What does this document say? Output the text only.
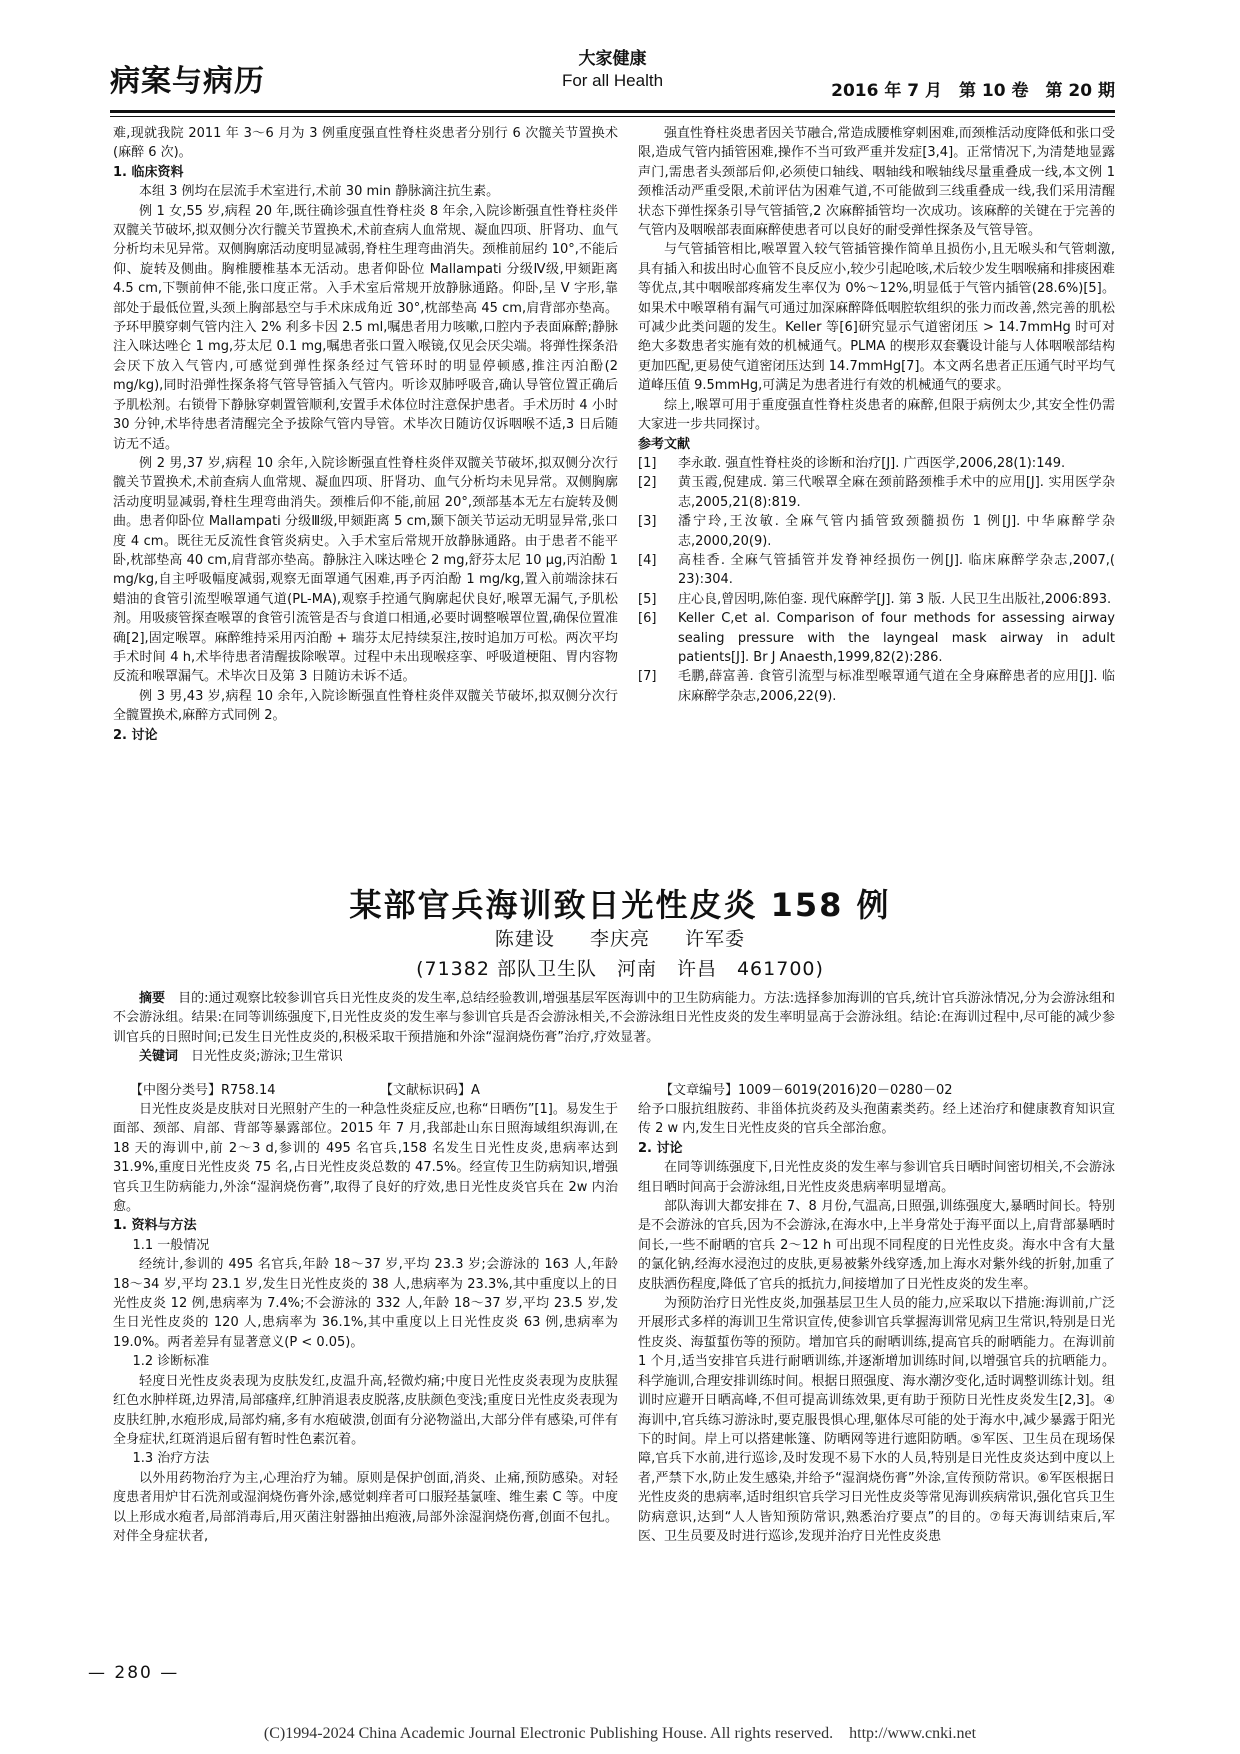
病案与病历
大家健康
For all Health
2016 年 7 月　第 10 卷　第 20 期

难,现就我院 2011 年 3～6 月为 3 例重度强直性脊柱炎患者分别行 6 次髋关节置换术(麻醉 6 次)。

1. 临床资料

本组 3 例均在层流手术室进行,术前 30 min 静脉滴注抗生素。

例 1 女,55 岁,病程 20 年,既往确诊强直性脊柱炎 8 年余,入院诊断强直性脊柱炎伴双髋关节破坏,拟双侧分次行髋关节置换术,术前查病人血常规、凝血四项、肝肾功、血气分析均未见异常。双侧胸廓活动度明显减弱,脊柱生理弯曲消失。颈椎前屈约 10°,不能后仰、旋转及侧曲。胸椎腰椎基本无活动。患者仰卧位 Mallampati 分级Ⅳ级,甲颏距离 4.5 cm,下颚前伸不能,张口度正常。入手术室后常规开放静脉通路。仰卧,呈 V 字形,靠部处于最低位置,头颈上胸部悬空与手术床成角近 30°,枕部垫高 45 cm,肩背部亦垫高。予环甲膜穿刺气管内注入 2% 利多卡因 2.5 ml,嘱患者用力咳嗽,口腔内予表面麻醉;静脉注入咪达唑仑 1 mg,芬太尼 0.1 mg,嘱患者张口置入喉镜,仅见会厌尖端。将弹性探条沿会厌下放入气管内,可感觉到弹性探条经过气管环时的明显停顿感,推注丙泊酚(2 mg/kg),同时沿弹性探条将气管导管插入气管内。听诊双肺呼吸音,确认导管位置正确后予肌松剂。右锁骨下静脉穿刺置管顺利,安置手术体位时注意保护患者。手术历时 4 小时 30 分钟,术毕待患者清醒完全予拔除气管内导管。术毕次日随访仅诉咽喉不适,3 日后随访无不适。

例 2 男,37 岁,病程 10 余年,入院诊断强直性脊柱炎伴双髋关节破坏,拟双侧分次行髋关节置换术,术前查病人血常规、凝血四项、肝肾功、血气分析均未见异常。双侧胸廓活动度明显减弱,脊柱生理弯曲消失。颈椎后仰不能,前屈 20°,颈部基本无左右旋转及侧曲。患者仰卧位 Mallampati 分级Ⅲ级,甲颏距离 5 cm,颞下颌关节运动无明显异常,张口度 4 cm。既往无反流性食管炎病史。入手术室后常规开放静脉通路。由于患者不能平卧,枕部垫高 40 cm,肩背部亦垫高。静脉注入咪达唑仑 2 mg,舒芬太尼 10 μg,丙泊酚 1 mg/kg,自主呼吸幅度减弱,观察无面罩通气困难,再予丙泊酚 1 mg/kg,置入前端涂抹石蜡油的食管引流型喉罩通气道(PL-MA),观察手控通气胸廓起伏良好,喉罩无漏气,予肌松剂。用吸痰管探查喉罩的食管引流管是否与食道口相通,必要时调整喉罩位置,确保位置准确[2],固定喉罩。麻醉维持采用丙泊酚 + 瑞芬太尼持续泵注,按时追加万可松。两次平均手术时间 4 h,术毕待患者清醒拔除喉罩。过程中未出现喉痉挛、呼吸道梗阻、胃内容物反流和喉罩漏气。术毕次日及第 3 日随访未诉不适。

例 3 男,43 岁,病程 10 余年,入院诊断强直性脊柱炎伴双髋关节破坏,拟双侧分次行全髋置换术,麻醉方式同例 2。

2. 讨论

强直性脊柱炎患者因关节融合,常造成腰椎穿刺困难,而颈椎活动度降低和张口受限,造成气管内插管困难,操作不当可致严重并发症[3,4]。正常情况下,为清楚地显露声门,需患者头颈部后仰,必须使口轴线、咽轴线和喉轴线尽量重叠成一线,本文例 1 颈椎活动严重受限,术前评估为困难气道,不可能做到三线重叠成一线,我们采用清醒状态下弹性探条引导气管插管,2 次麻醉插管均一次成功。该麻醉的关键在于完善的气管内及咽喉部表面麻醉使患者可以良好的耐受弹性探条及气管导管。

与气管插管相比,喉罩置入较气管插管操作简单且损伤小,且无喉头和气管刺激,具有插入和拔出时心血管不良反应小,较少引起呛咳,术后较少发生咽喉痛和排痰困难等优点,其中咽喉部疼痛发生率仅为 0%～12%,明显低于气管内插管(28.6%)[5]。如果术中喉罩稍有漏气可通过加深麻醉降低咽腔软组织的张力而改善,然完善的肌松可减少此类问题的发生。Keller 等[6]研究显示气道密闭压 > 14.7mmHg 时可对绝大多数患者实施有效的机械通气。PLMA 的楔形双套囊设计能与人体咽喉部结构更加匹配,更易使气道密闭压达到 14.7mmHg[7]。本文两名患者正压通气时平均气道峰压值 9.5mmHg,可满足为患者进行有效的机械通气的要求。

综上,喉罩可用于重度强直性脊柱炎患者的麻醉,但限于病例太少,其安全性仍需大家进一步共同探讨。

参考文献
[1] 李永敢. 强直性脊柱炎的诊断和治疗[J]. 广西医学,2006,28(1):149.
[2] 黄玉霞,倪建成. 第三代喉罩全麻在颈前路颈椎手术中的应用[J]. 实用医学杂志,2005,21(8):819.
[3] 潘宁玲,王汝敏. 全麻气管内插管致颈髓损伤 1 例[J]. 中华麻醉学杂志,2000,20(9).
[4] 高桂香. 全麻气管插管并发脊神经损伤一例[J]. 临床麻醉学杂志,2007,( 23):304.
[5] 庄心良,曾因明,陈伯銮. 现代麻醉学[J]. 第 3 版. 人民卫生出版社,2006:893.
[6] Keller C,et al. Comparison of four methods for assessing airway sealing pressure with the layngeal mask airway in adult patients[J]. Br J Anaesth,1999,82(2):286.
[7] 毛鹏,薛富善. 食管引流型与标准型喉罩通气道在全身麻醉患者的应用[J]. 临床麻醉学杂志,2006,22(9).
某部官兵海训致日光性皮炎 158 例
陈建设 李庆亮 许军委
(71382 部队卫生队　河南　许昌　461700)

摘要　 目的:通过观察比较参训官兵日光性皮炎的发生率,总结经验教训,增强基层军医海训中的卫生防病能力。方法:选择参加海训的官兵,统计官兵游泳情况,分为会游泳组和不会游泳组。结果:在同等训练强度下,日光性皮炎的发生率与参训官兵是否会游泳相关,不会游泳组日光性皮炎的发生率明显高于会游泳组。结论:在海训过程中,尽可能的减少参训官兵的日照时间;已发生日光性皮炎的,积极采取干预措施和外涂“湿润烧伤膏”治疗,疗效显著。

关键词　 日光性皮炎;游泳;卫生常识

【中图分类号】R758.14	【文献标识码】A	【文章编号】1009－6019(2016)20－0280－02

日光性皮炎是皮肤对日光照射产生的一种急性炎症反应,也称“日晒伤”[1]。易发生于面部、颈部、肩部、背部等暴露部位。2015 年 7 月,我部赴山东日照海域组织海训,在 18 天的海训中,前 2～3 d,参训的 495 名官兵,158 名发生日光性皮炎,患病率达到 31.9%,重度日光性皮炎 75 名,占日光性皮炎总数的 47.5%。经宣传卫生防病知识,增强官兵卫生防病能力,外涂“湿润烧伤膏”,取得了良好的疗效,患日光性皮炎官兵在 2w 内治愈。

1. 资料与方法

1.1 一般情况

经统计,参训的 495 名官兵,年龄 18～37 岁,平均 23.3 岁;会游泳的 163 人,年龄 18～34 岁,平均 23.1 岁,发生日光性皮炎的 38 人,患病率为 23.3%,其中重度以上的日光性皮炎 12 例,患病率为 7.4%;不会游泳的 332 人,年龄 18～37 岁,平均 23.5 岁,发生日光性皮炎的 120 人,患病率为 36.1%,其中重度以上日光性皮炎 63 例,患病率为 19.0%。两者差异有显著意义(P < 0.05)。

1.2 诊断标准

轻度日光性皮炎表现为皮肤发红,皮温升高,轻微灼痛;中度日光性皮炎表现为皮肤猩红色水肿样斑,边界清,局部瘙痒,红肿消退表皮脱落,皮肤颜色变浅;重度日光性皮炎表现为皮肤红肿,水疱形成,局部灼痛,多有水疱破溃,创面有分泌物溢出,大部分伴有感染,可伴有全身症状,红斑消退后留有暂时性色素沉着。

1.3 治疗方法

以外用药物治疗为主,心理治疗为辅。原则是保护创面,消炎、止痛,预防感染。对轻度患者用炉甘石洗剂或湿润烧伤膏外涂,感觉刺痒者可口服羟基氯喹、维生素 C 等。中度以上形成水疱者,局部消毒后,用灭菌注射器抽出疱液,局部外涂湿润烧伤膏,创面不包扎。对伴全身症状者,

给予口服抗组胺药、非甾体抗炎药及头孢菌素类药。经上述治疗和健康教育知识宣传 2 w 内,发生日光性皮炎的官兵全部治愈。

2. 讨论

在同等训练强度下,日光性皮炎的发生率与参训官兵日晒时间密切相关,不会游泳组日晒时间高于会游泳组,日光性皮炎患病率明显增高。

部队海训大都安排在 7、8 月份,气温高,日照强,训练强度大,暴晒时间长。特别是不会游泳的官兵,因为不会游泳,在海水中,上半身常处于海平面以上,肩背部暴晒时间长,一些不耐晒的官兵 2～12 h 可出现不同程度的日光性皮炎。海水中含有大量的氯化钠,经海水浸泡过的皮肤,更易被紫外线穿透,加上海水对紫外线的折射,加重了皮肤洒伤程度,降低了官兵的抵抗力,间接增加了日光性皮炎的发生率。

为预防治疗日光性皮炎,加强基层卫生人员的能力,应采取以下措施:海训前,广泛开展形式多样的海训卫生常识宣传,使参训官兵掌握海训常见病卫生常识,特别是日光性皮炎、海蜇蜇伤等的预防。增加官兵的耐晒训练,提高官兵的耐晒能力。在海训前 1 个月,适当安排官兵进行耐晒训练,并逐渐增加训练时间,以增强官兵的抗晒能力。科学施训,合理安排训练时间。根据日照强度、海水潮汐变化,适时调整训练计划。组训时应避开日晒高峰,不但可提高训练效果,更有助于预防日光性皮炎发生[2,3]。④海训中,官兵练习游泳时,要克服畏惧心理,躯体尽可能的处于海水中,减少暴露于阳光下的时间。岸上可以搭建帐篷、防晒网等进行遮阳防晒。⑤军医、卫生员在现场保障,官兵下水前,进行巡诊,及时发现不易下水的人员,特别是日光性皮炎达到中度以上者,严禁下水,防止发生感染,并给予“湿润烧伤膏”外涂,宣传预防常识。⑥军医根据日光性皮炎的患病率,适时组织官兵学习日光性皮炎等常见海训疾病常识,强化官兵卫生防病意识,达到“人人皆知预防常识,熟悉治疗要点”的目的。⑦每天海训结束后,军医、卫生员要及时进行巡诊,发现并治疗日光性皮炎患

— 280 —
(C)1994-2024 China Academic Journal Electronic Publishing House. All rights reserved.　http://www.cnki.net
